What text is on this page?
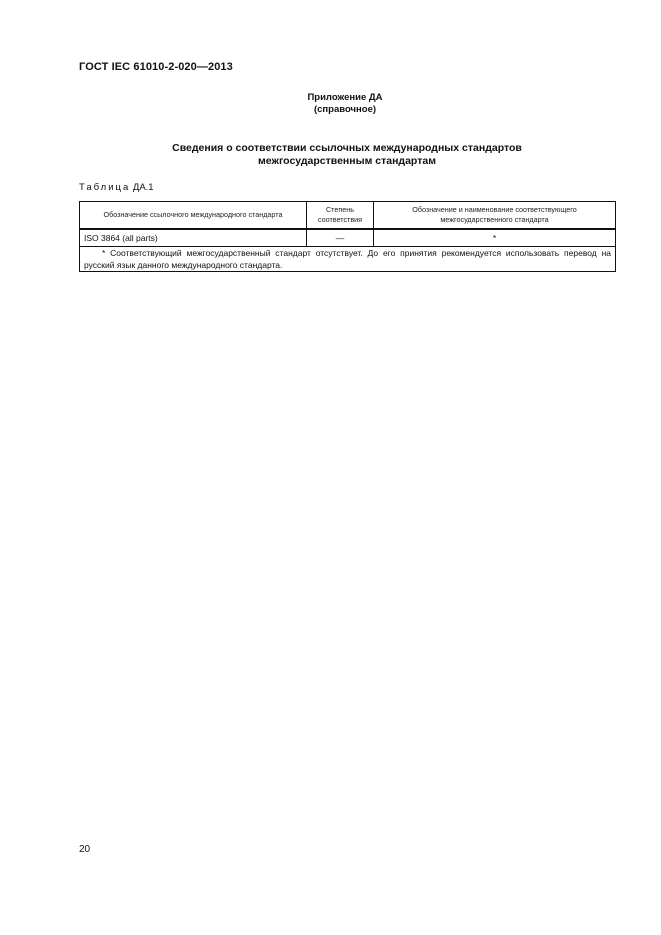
ГОСТ IEC 61010-2-020—2013
Приложение ДА
(справочное)
Сведения о соответствии ссылочных международных стандартов
межгосударственным стандартам
Таблица ДА.1
Обозначение ссылочного международного стандарта	Степень соответствия	Обозначение и наименование соответствующего межгосударственного стандарта
ISO 3864 (all parts)	—	*

* Соответствующий межгосударственный стандарт отсутствует. До его принятия рекомендуется использовать перевод на русский язык данного международного стандарта.		

20
